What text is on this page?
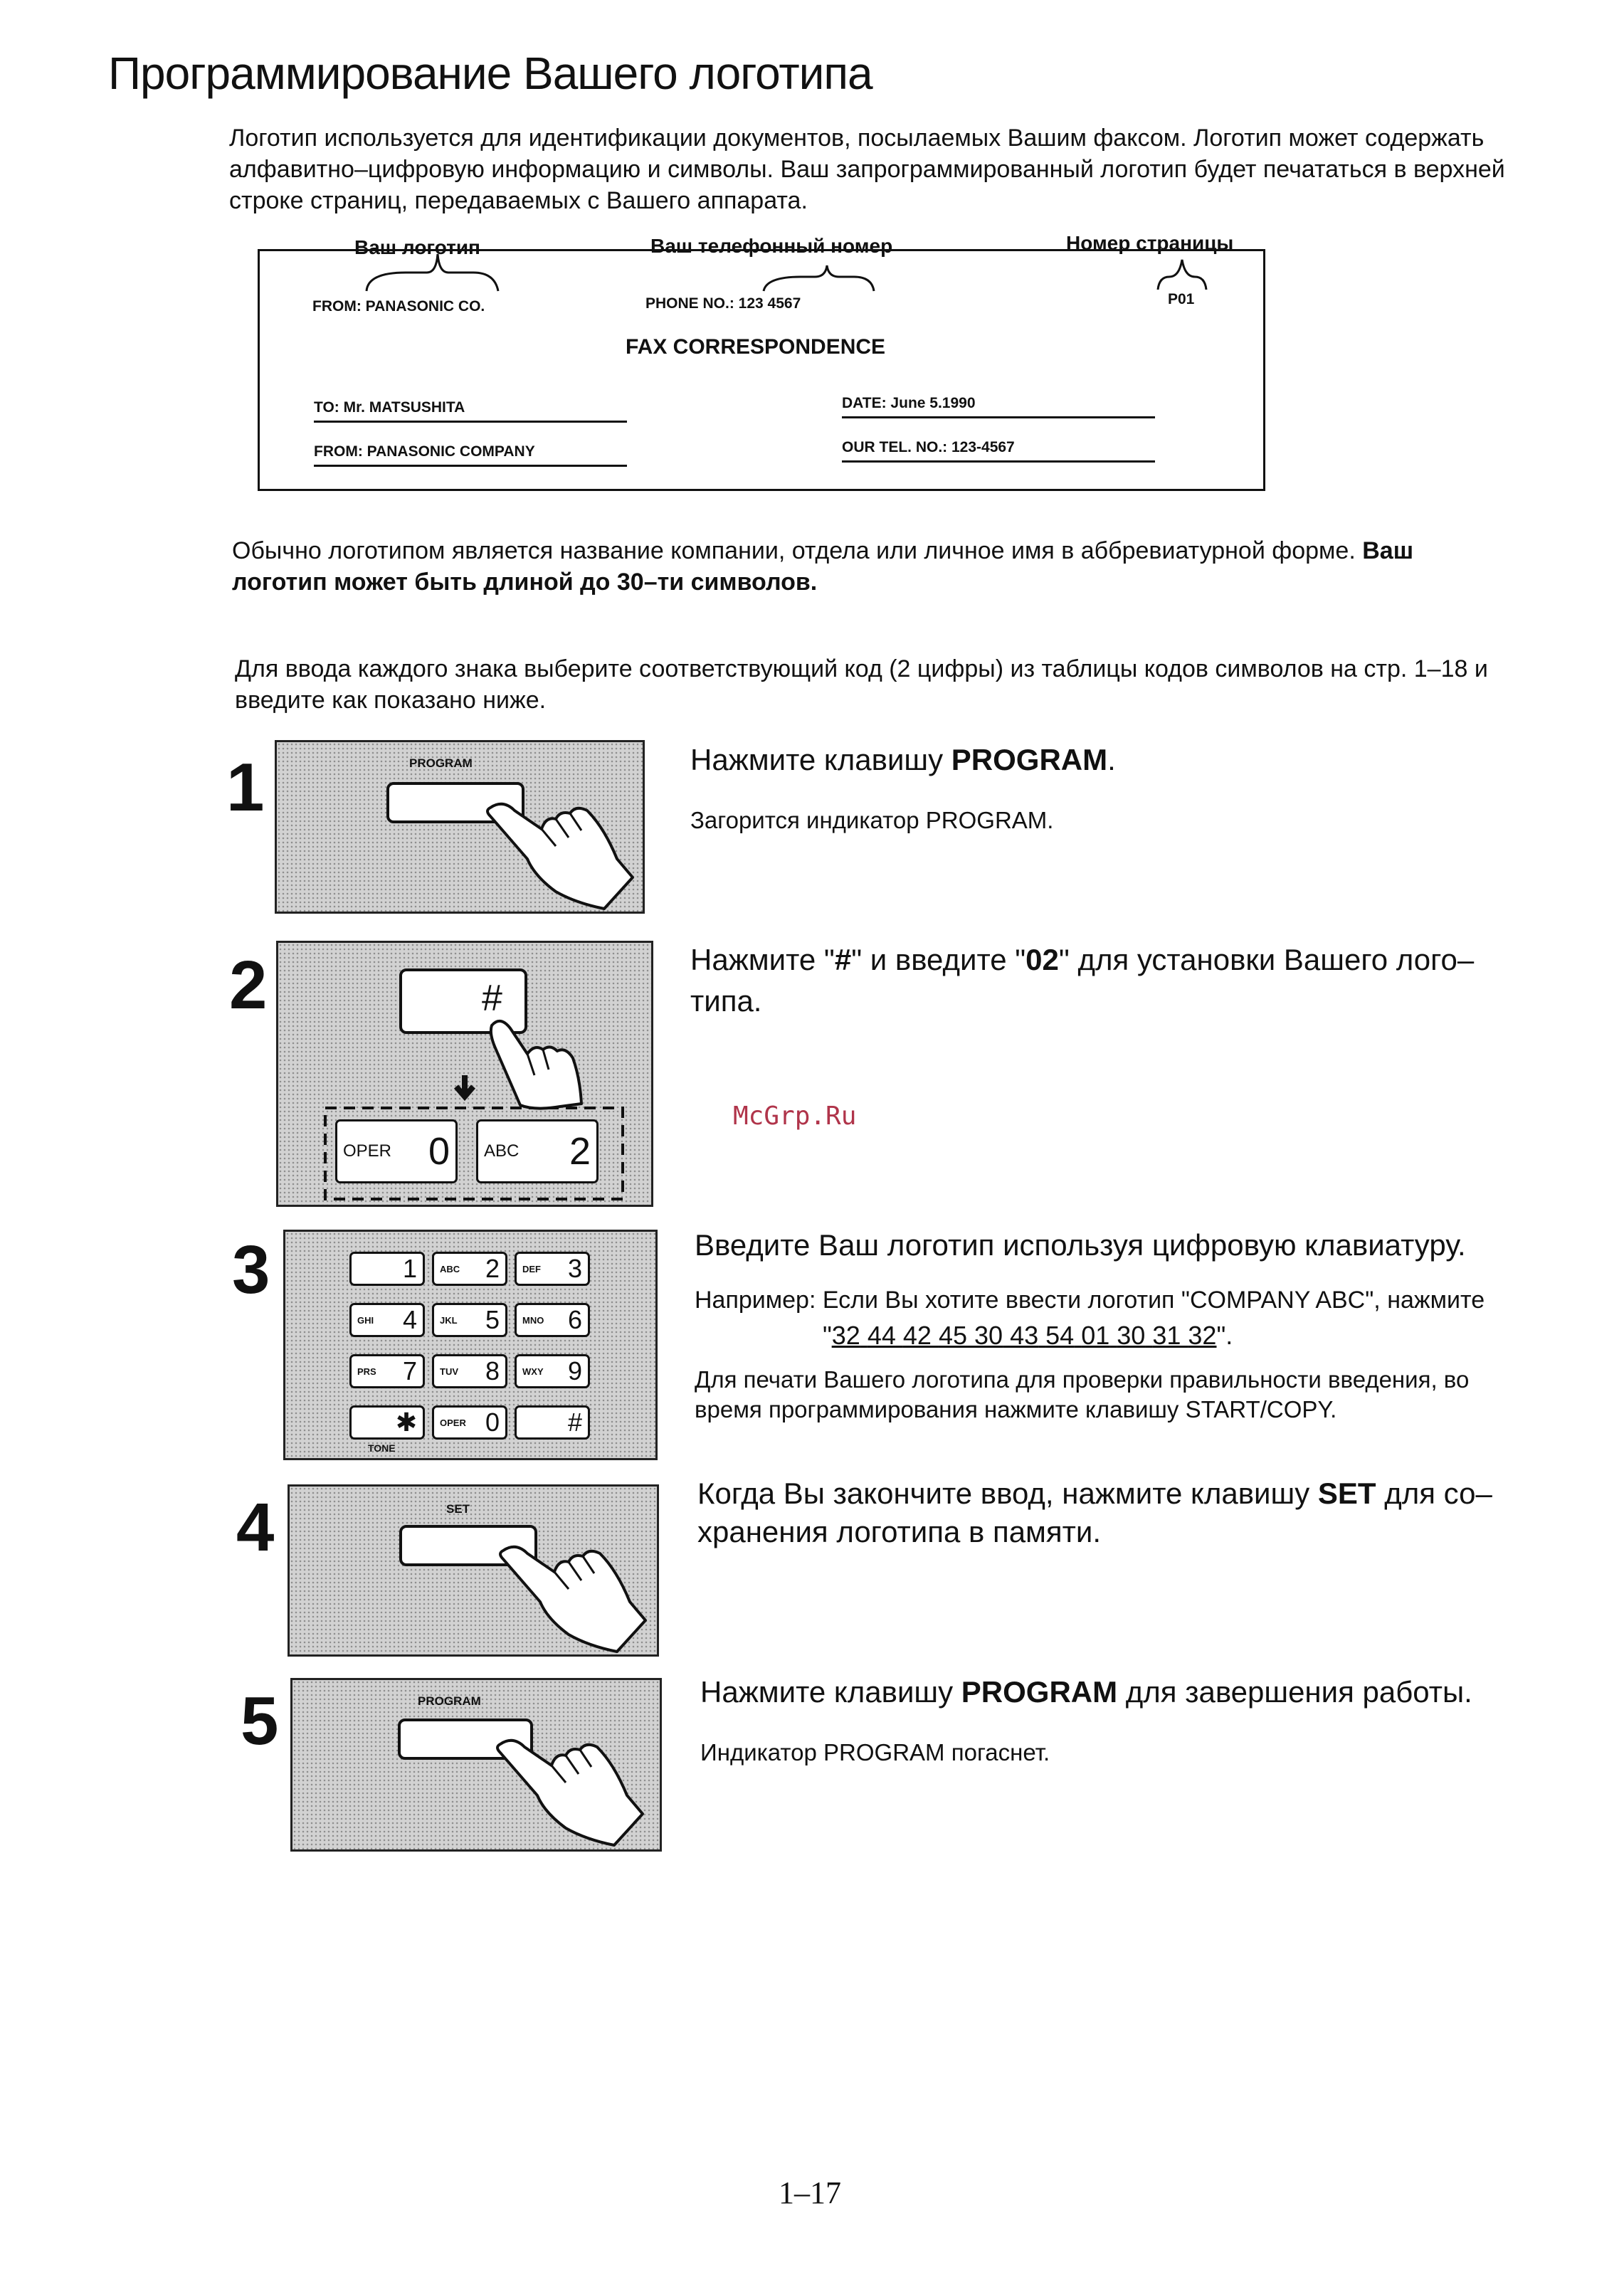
Программирование Вашего логотипа
Логотип используется для идентификации документов, посылаемых Вашим факсом. Логотип может содержать алфавитно–цифровую информацию и символы. Ваш запрограммированный логотип будет печататься в верхней строке страниц, передаваемых с Вашего аппарата.
Ваш логотип	Ваш телефонный номер	Номер страницы
FROM: PANASONIC CO.	PHONE NO.: 123 4567	P01
FAX CORRESPONDENCE
TO: Mr. MATSUSHITA	DATE: June 5.1990
FROM: PANASONIC COMPANY	OUR TEL. NO.: 123-4567
Обычно логотипом является название компании, отдела или личное имя в аббревиатурной форме. Ваш логотип может быть длиной до 30–ти символов.
Для ввода каждого знака выберите соответствующий код (2 цифры) из таблицы кодов символов на стр. 1–18 и введите как показано ниже.
1	PROGRAM	Нажмите клавишу PROGRAM.
Загорится индикатор PROGRAM.
2	#
OPER 0 ABC 2
Нажмите "#" и введите "02" для установки Вашего лого–
типа.
McGrp.Ru
3	1 ABC 2 DEF 3
GHI 4 JKL 5 MNO 6
PRS 7 TUV 8 WXY 9
✱ OPER 0	#
TONE
Введите Ваш логотип используя цифровую клавиатуру.
Например: Если Вы хотите ввести логотип "COMPANY ABC", нажмите
"32 44 42 45 30 43 54 01 30 31 32".
Для печати Вашего логотипа для проверки правильности введения, во
время программирования нажмите клавишу START/COPY.
4	SET	Когда Вы закончите ввод, нажмите клавишу SET для со–
хранения логотипа в памяти.
5	PROGRAM	Нажмите клавишу PROGRAM для завершения работы.
Индикатор PROGRAM погаснет.
1–17
